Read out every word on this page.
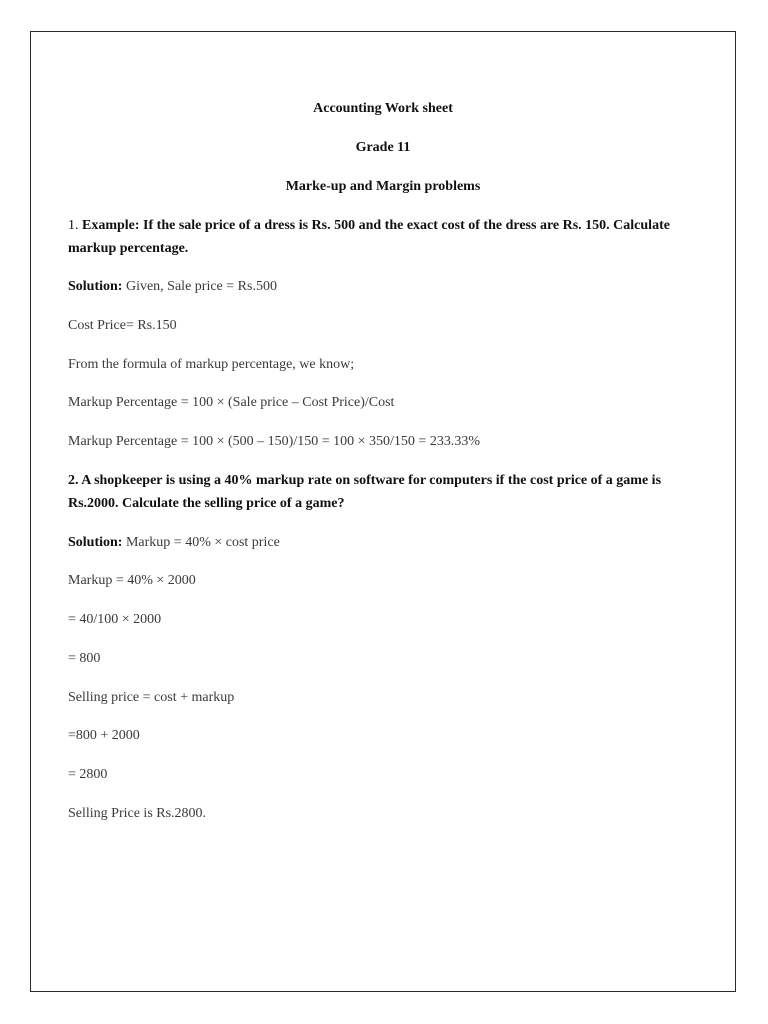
Accounting Work sheet
Grade 11
Marke-up and Margin problems
1. Example: If the sale price of a dress is Rs. 500 and the exact cost of the dress are Rs. 150. Calculate markup percentage.
Solution: Given, Sale price = Rs.500
Cost Price= Rs.150
From the formula of markup percentage, we know;
Markup Percentage = 100 × (Sale price – Cost Price)/Cost
Markup Percentage = 100 × (500 – 150)/150 = 100 × 350/150 = 233.33%
2. A shopkeeper is using a 40% markup rate on software for computers if the cost price of a game is Rs.2000. Calculate the selling price of a game?
Solution: Markup = 40% × cost price
Markup = 40% × 2000
= 40/100 × 2000
= 800
Selling price = cost + markup
=800 + 2000
= 2800
Selling Price is Rs.2800.
